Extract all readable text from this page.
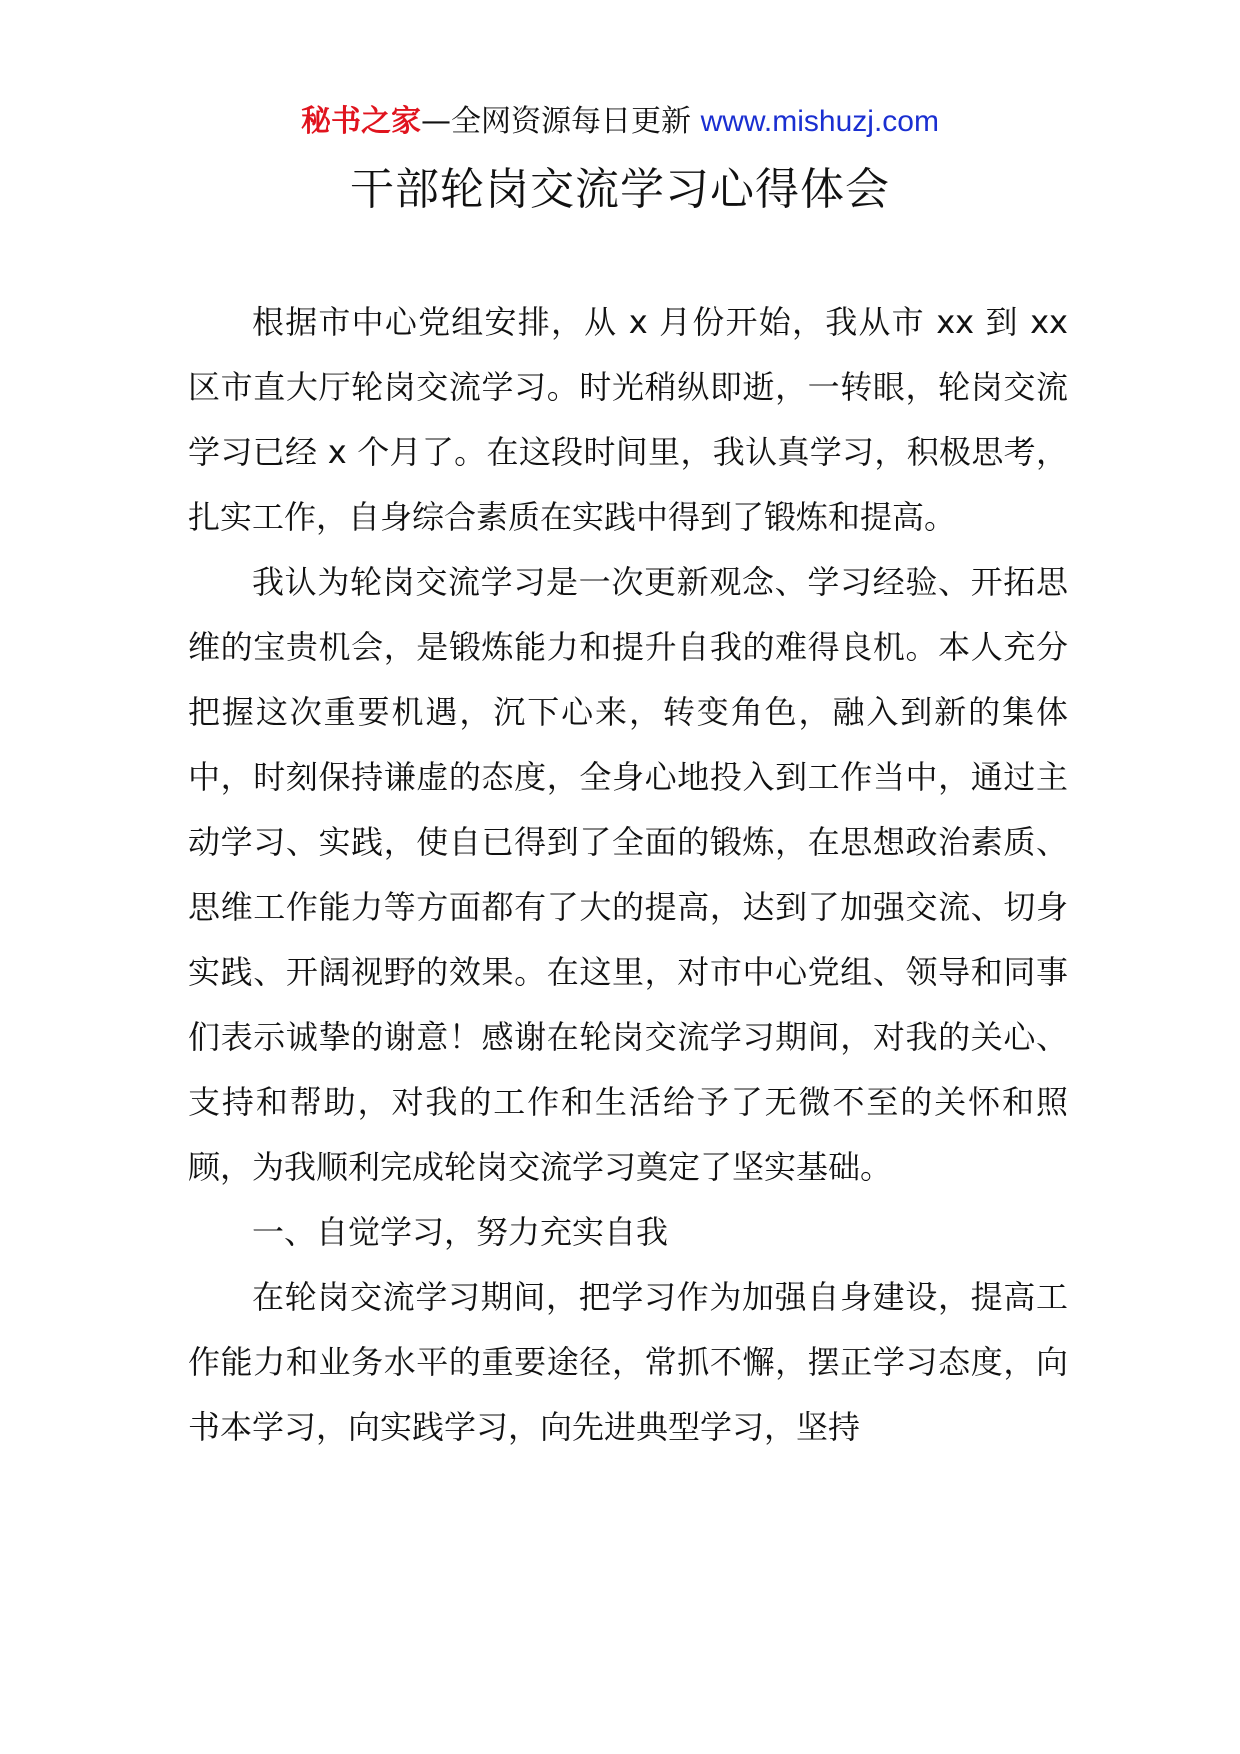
秘书之家—全网资源每日更新 www.mishuzj.com
干部轮岗交流学习心得体会

根据市中心党组安排，从 x 月份开始，我从市 xx 到 xx 区市直大厅轮岗交流学习。时光稍纵即逝，一转眼，轮岗交流学习已经 x 个月了。在这段时间里，我认真学习，积极思考，扎实工作，自身综合素质在实践中得到了锻炼和提高。

我认为轮岗交流学习是一次更新观念、学习经验、开拓思维的宝贵机会，是锻炼能力和提升自我的难得良机。本人充分把握这次重要机遇，沉下心来，转变角色，融入到新的集体中，时刻保持谦虚的态度，全身心地投入到工作当中，通过主动学习、实践，使自已得到了全面的锻炼，在思想政治素质、思维工作能力等方面都有了大的提高，达到了加强交流、切身实践、开阔视野的效果。在这里，对市中心党组、领导和同事们表示诚挚的谢意！感谢在轮岗交流学习期间，对我的关心、支持和帮助，对我的工作和生活给予了无微不至的关怀和照顾，为我顺利完成轮岗交流学习奠定了坚实基础。

一、自觉学习，努力充实自我

在轮岗交流学习期间，把学习作为加强自身建设，提高工作能力和业务水平的重要途径，常抓不懈，摆正学习态度，向书本学习，向实践学习，向先进典型学习，坚持
